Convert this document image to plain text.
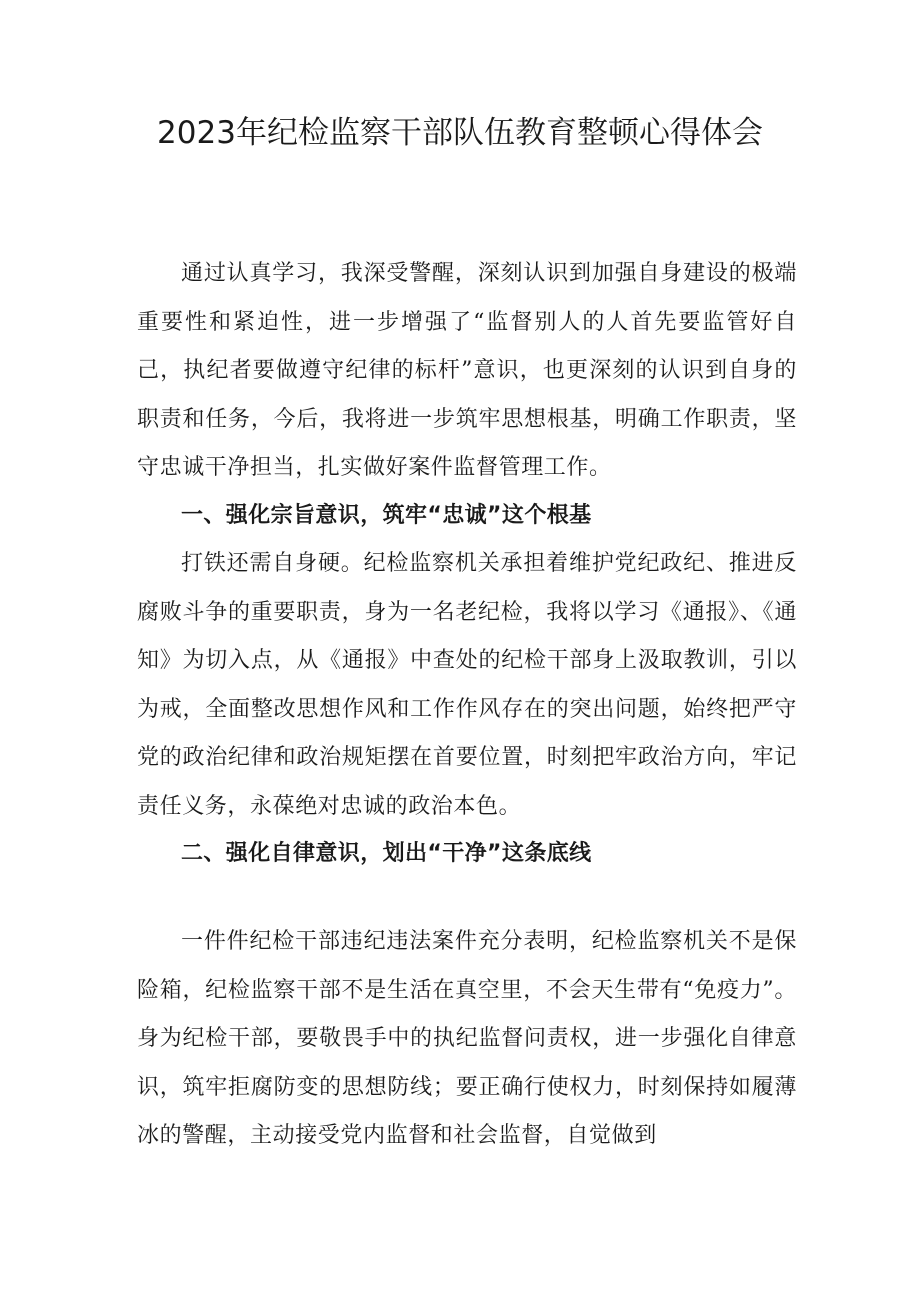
2023年纪检监察干部队伍教育整顿心得体会

通过认真学习，我深受警醒，深刻认识到加强自身建设的极端重要性和紧迫性，进一步增强了“监督别人的人首先要监管好自己，执纪者要做遵守纪律的标杆”意识，也更深刻的认识到自身的职责和任务，今后，我将进一步筑牢思想根基，明确工作职责，坚守忠诚干净担当，扎实做好案件监督管理工作。

一、强化宗旨意识，筑牢“忠诚”这个根基

打铁还需自身硬。纪检监察机关承担着维护党纪政纪、推进反腐败斗争的重要职责，身为一名老纪检，我将以学习《通报》、《通知》为切入点，从《通报》中查处的纪检干部身上汲取教训，引以为戒，全面整改思想作风和工作作风存在的突出问题，始终把严守党的政治纪律和政治规矩摆在首要位置，时刻把牢政治方向，牢记责任义务，永葆绝对忠诚的政治本色。

二、强化自律意识，划出“干净”这条底线

一件件纪检干部违纪违法案件充分表明，纪检监察机关不是保险箱，纪检监察干部不是生活在真空里，不会天生带有“免疫力”。身为纪检干部，要敬畏手中的执纪监督问责权，进一步强化自律意识，筑牢拒腐防变的思想防线；要正确行使权力，时刻保持如履薄冰的警醒，主动接受党内监督和社会监督，自觉做到
